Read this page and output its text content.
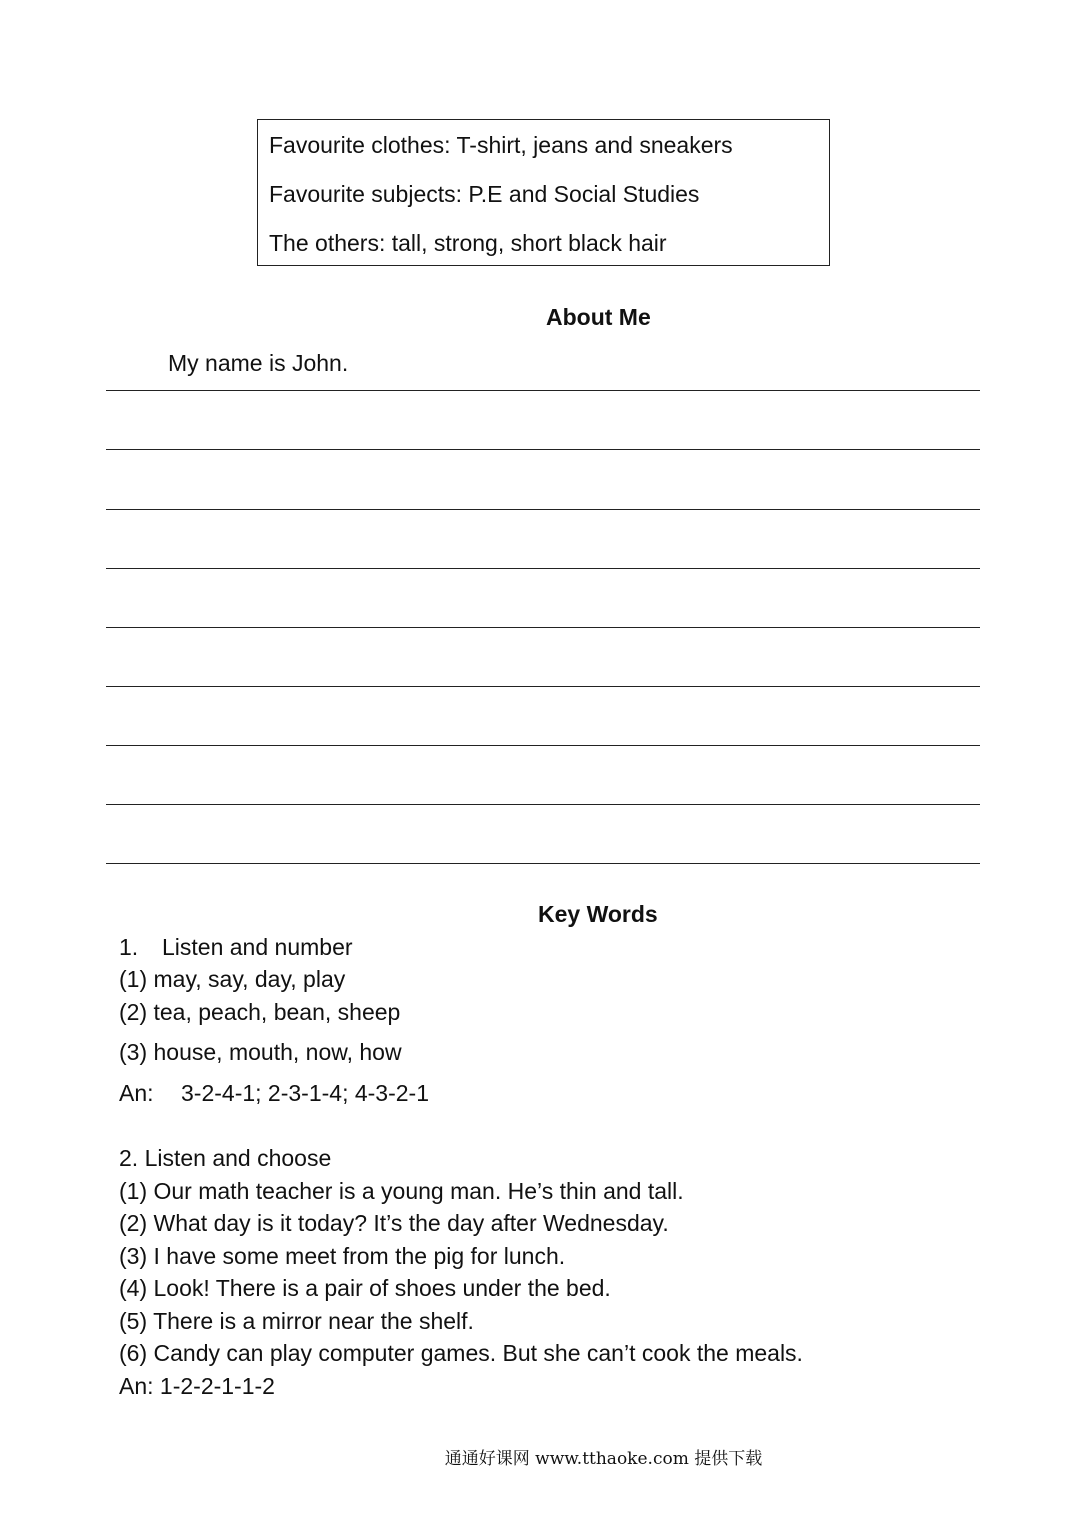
Favourite clothes: T-shirt, jeans and sneakers
Favourite subjects: P.E and Social Studies
The others: tall, strong, short black hair
About Me
My name is John.
Key Words
1. Listen and number
(1) may, say, day, play
(2) tea, peach, bean, sheep
(3) house, mouth, now, how
An: 3-2-4-1; 2-3-1-4; 4-3-2-1
2. Listen and choose
(1) Our math teacher is a young man. He’s thin and tall.
(2) What day is it today? It’s the day after Wednesday.
(3) I have some meet from the pig for lunch.
(4) Look! There is a pair of shoes under the bed.
(5) There is a mirror near the shelf.
(6) Candy can play computer games. But she can’t cook the meals.
An: 1-2-2-1-1-2
通通好课网 www.tthaoke.com 提供下载
